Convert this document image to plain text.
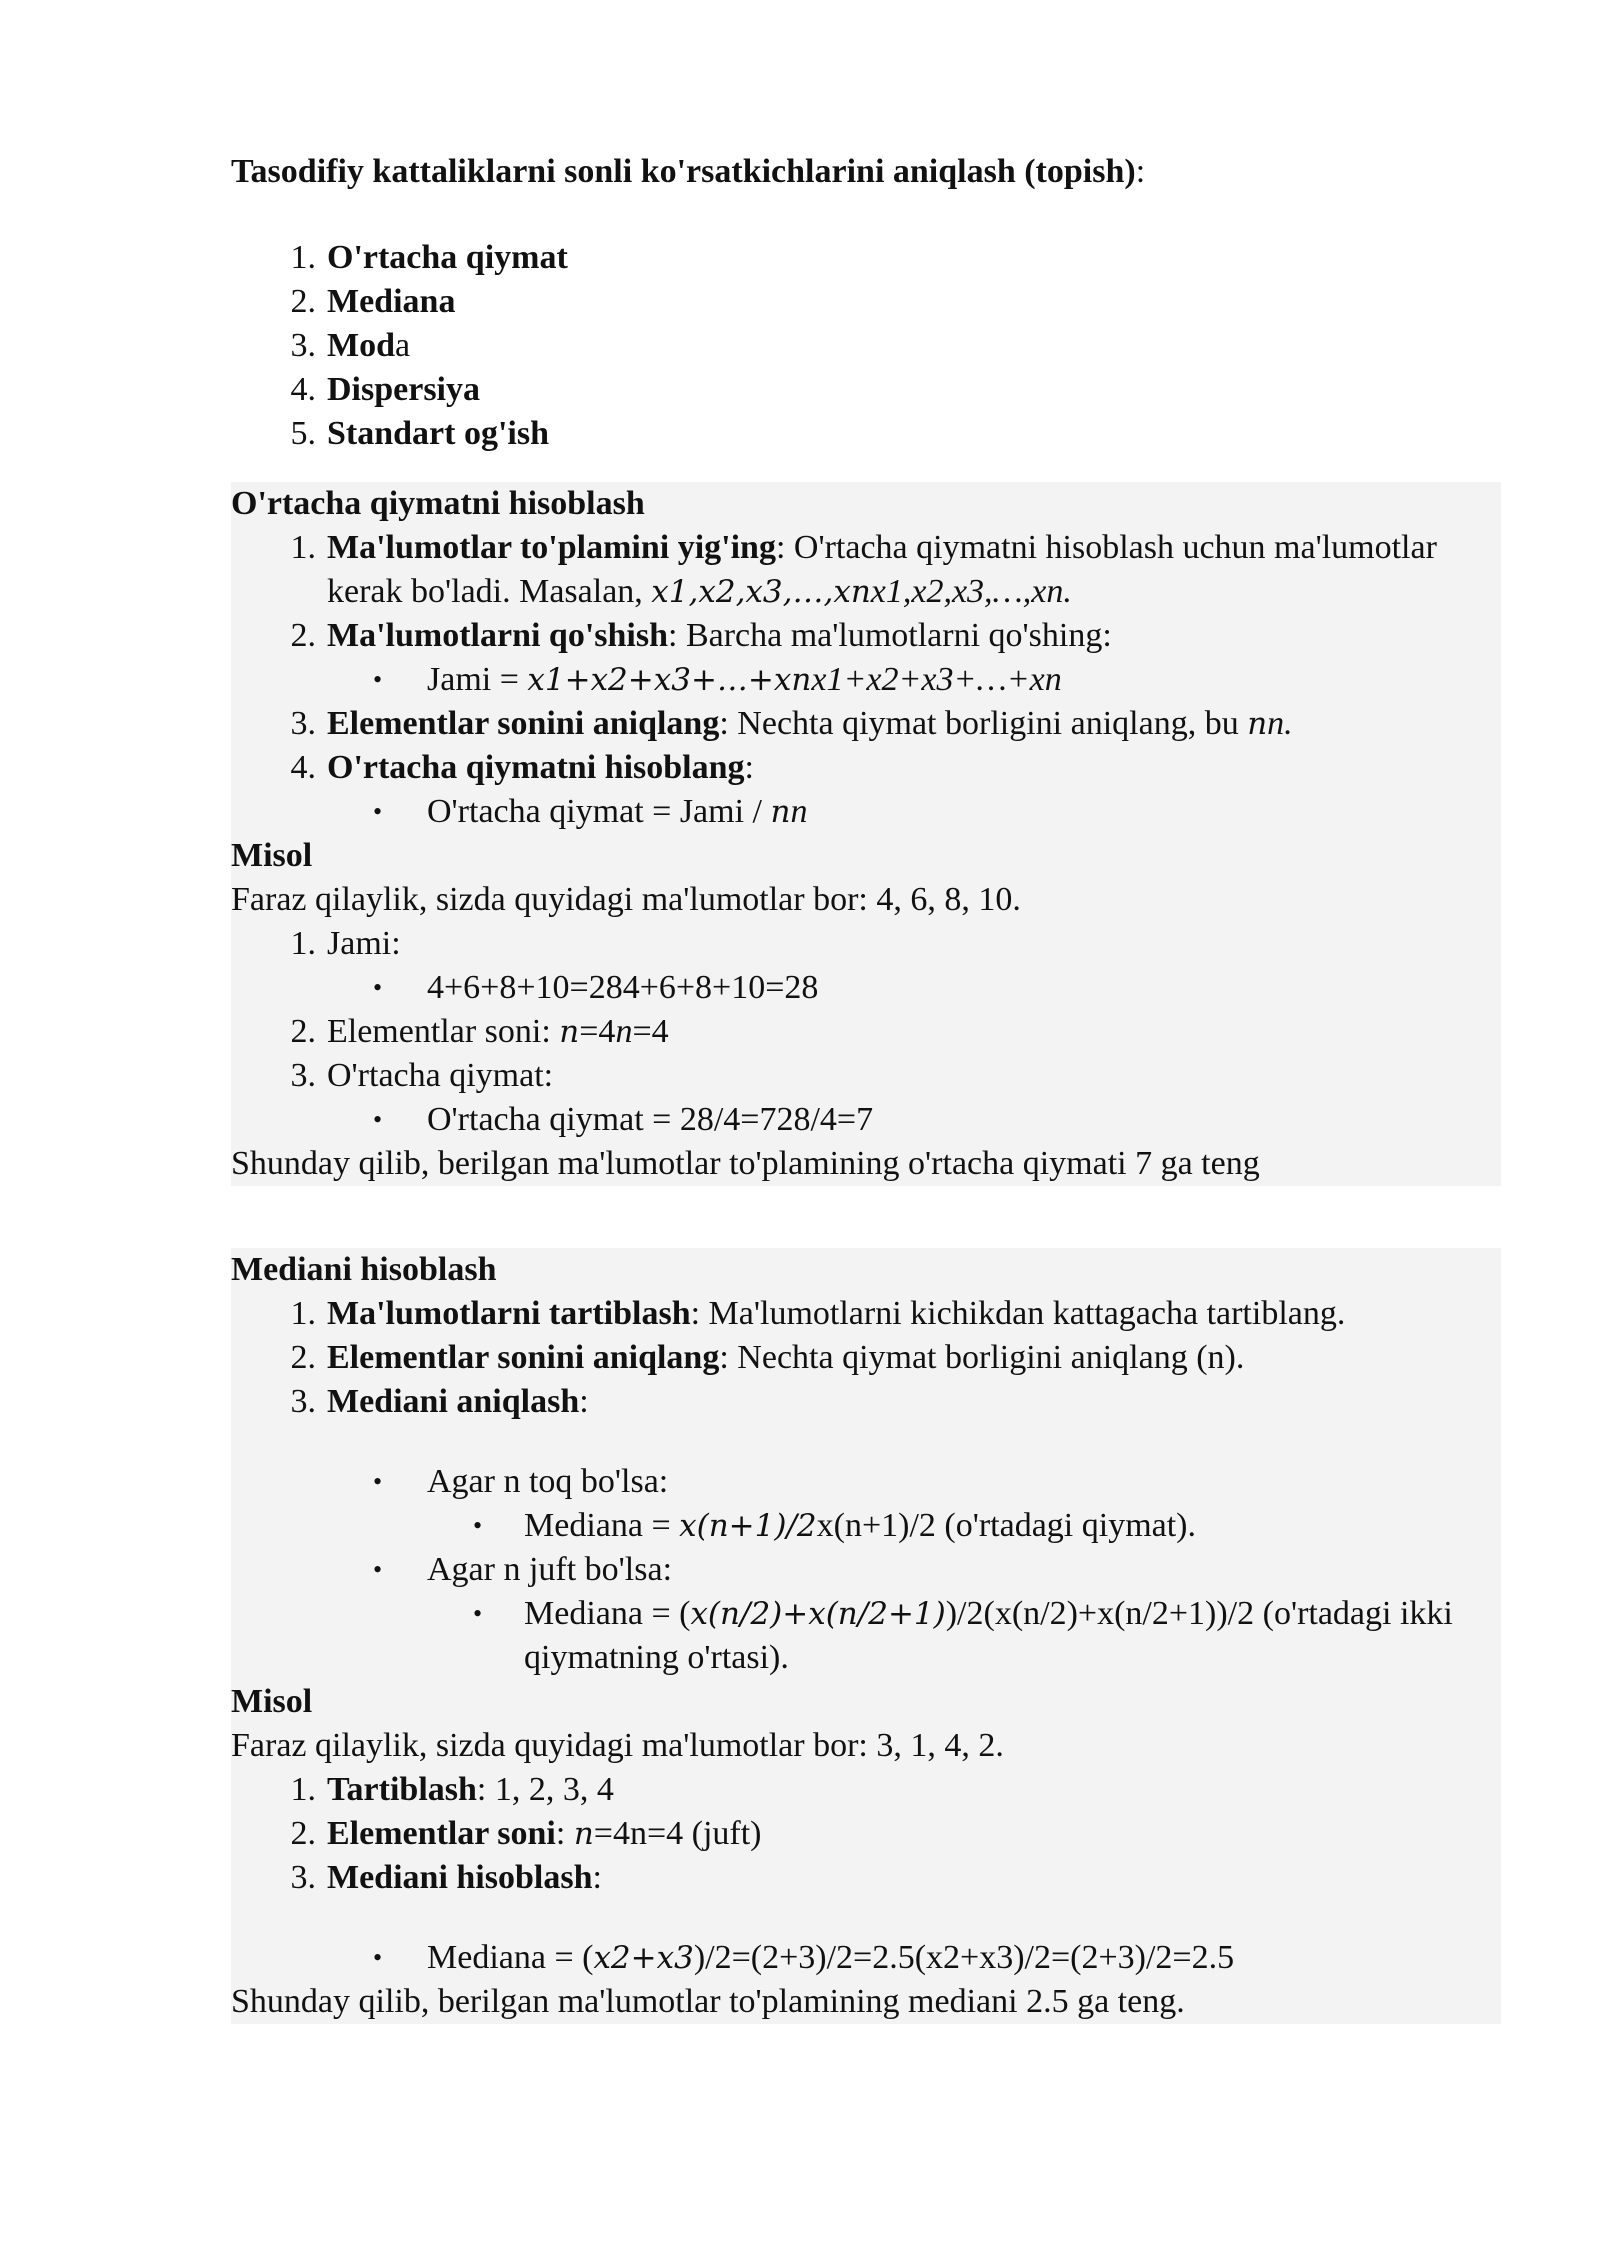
Tasodifiy kattaliklarni sonli ko'rsatkichlarini aniqlash (topish):

1. O'rtacha qiymat
2. Mediana
3. Moda
4. Dispersiya
5. Standart og'ish

O'rtacha qiymatni hisoblash

1. Ma'lumotlar to'plamini yig'ing: O'rtacha qiymatni hisoblash uchun ma'lumotlar kerak bo'ladi. Masalan, x1,x2,x3,…,xnx1,x2,x3,…,xn.
2. Ma'lumotlarni qo'shish: Barcha ma'lumotlarni qo'shing:
• Jami = x1+x2+x3+…+xnx1+x2+x3+…+xn
3. Elementlar sonini aniqlang: Nechta qiymat borligini aniqlang, bu nn.
4. O'rtacha qiymatni hisoblang:
• O'rtacha qiymat = Jami / nn

Misol

Faraz qilaylik, sizda quyidagi ma'lumotlar bor: 4, 6, 8, 10.

1. Jami:
• 4+6+8+10=284+6+8+10=28
2. Elementlar soni: n=4n=4
3. O'rtacha qiymat:
• O'rtacha qiymat = 28/4=728/4=7

Shunday qilib, berilgan ma'lumotlar to'plamining o'rtacha qiymati 7 ga teng

Mediani hisoblash

1. Ma'lumotlarni tartiblash: Ma'lumotlarni kichikdan kattagacha tartiblang.
2. Elementlar sonini aniqlang: Nechta qiymat borligini aniqlang (n).
3. Mediani aniqlash:
• Agar n toq bo'lsa:
• Mediana = x(n+1)/2x(n+1)/2 (o'rtadagi qiymat).
• Agar n juft bo'lsa:
• Mediana = (x(n/2)+x(n/2+1))/2(x(n/2)+x(n/2+1))/2 (o'rtadagi ikki qiymatning o'rtasi).

Misol

Faraz qilaylik, sizda quyidagi ma'lumotlar bor: 3, 1, 4, 2.

1. Tartiblash: 1, 2, 3, 4
2. Elementlar soni: n=4n=4 (juft)
3. Mediani hisoblash:
• Mediana = (x2+x3)/2=(2+3)/2=2.5(x2+x3)/2=(2+3)/2=2.5

Shunday qilib, berilgan ma'lumotlar to'plamining mediani 2.5 ga teng.
